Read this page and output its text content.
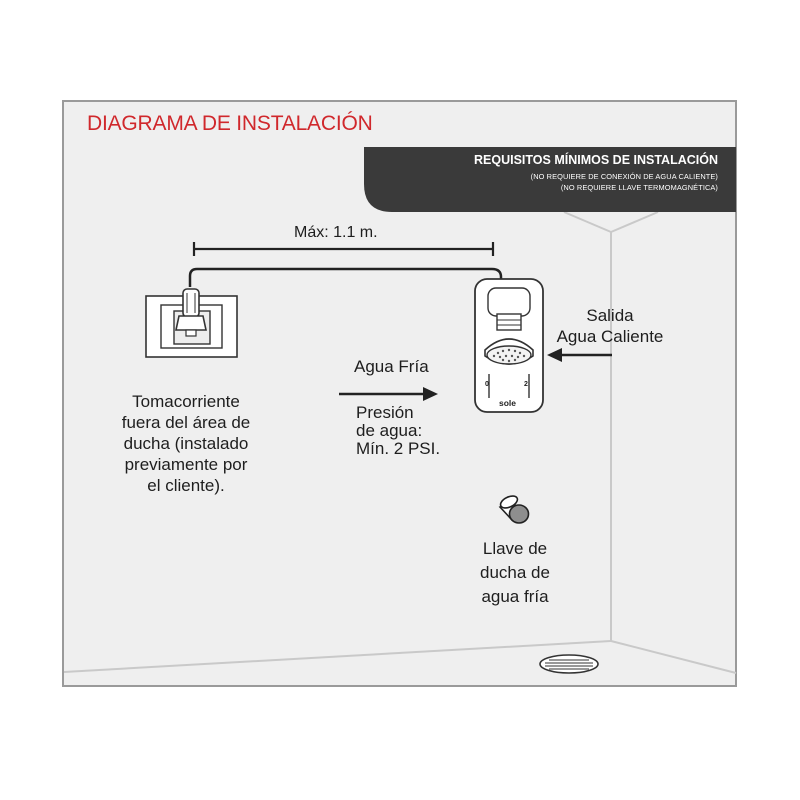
0	2
sole
DIAGRAMA DE INSTALACIÓN
REQUISITOS MÍNIMOS DE INSTALACIÓN
(NO REQUIERE DE CONEXIÓN DE AGUA CALIENTE)
(NO REQUIERE LLAVE TERMOMAGNÉTICA)
Máx: 1.1 m.
Tomacorriente
fuera del área de
ducha (instalado
previamente por
el cliente).
Agua Fría
Presión
de agua:
Mín. 2 PSI.
Salida
Agua Caliente
Llave de
ducha de
agua fría
